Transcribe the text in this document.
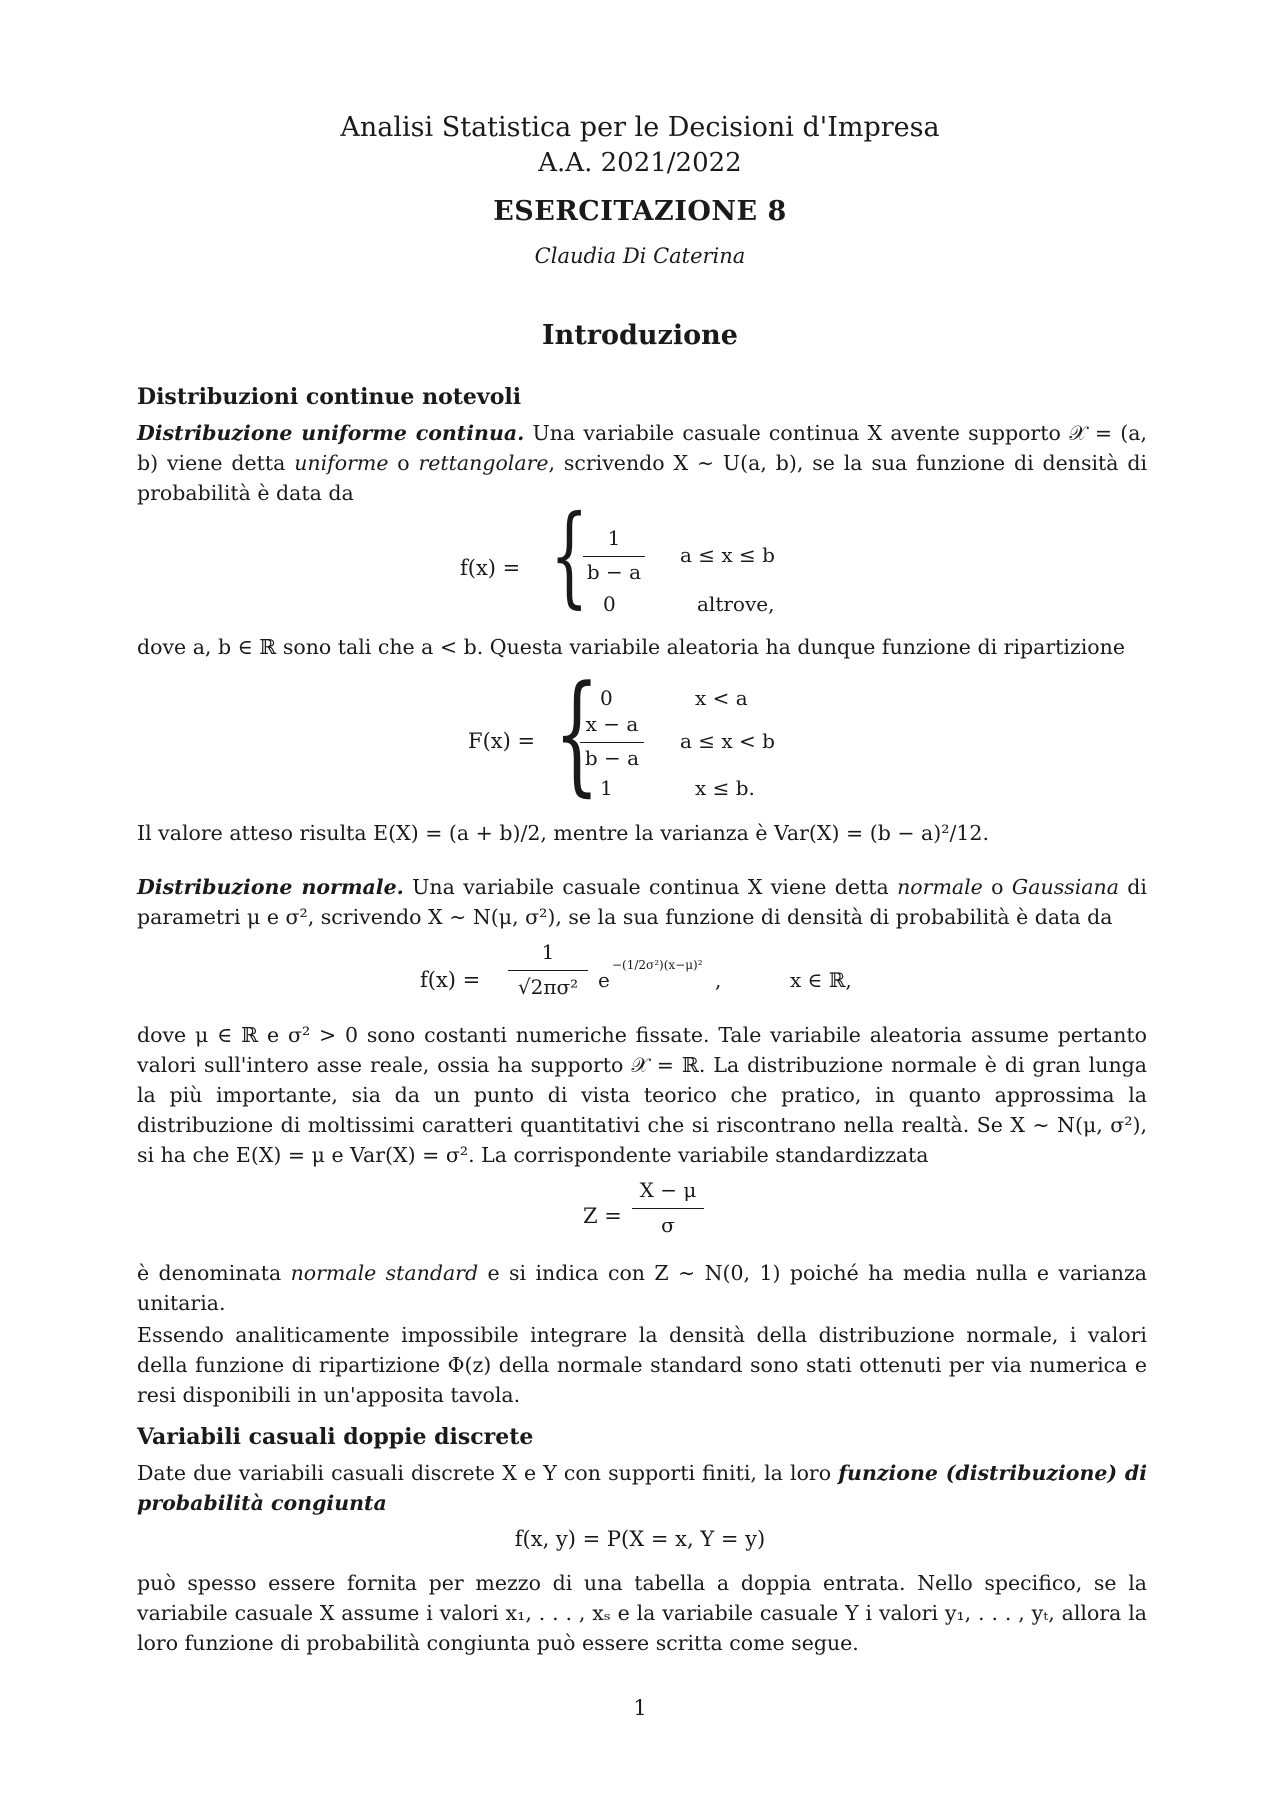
Analisi Statistica per le Decisioni d'Impresa
A.A. 2021/2022
ESERCITAZIONE 8
Claudia Di Caterina
Introduzione
Distribuzioni continue notevoli

Distribuzione uniforme continua. Una variabile casuale continua X avente supporto 𝒳 = (a, b) viene detta uniforme o rettangolare, scrivendo X ∼ U(a, b), se la sua funzione di densità di probabilità è data da

f(x) = { 1
b − a
a ≤ x ≤ b
0	altrove,
dove a, b ∈ ℝ sono tali che a < b. Questa variabile aleatoria ha dunque funzione di ripartizione
F(x) = { 0	x < a
x − a
b − a
a ≤ x < b
1	x ≤ b.
Il valore atteso risulta E(X) = (a + b)/2, mentre la varianza è Var(X) = (b − a)²/12.

Distribuzione normale. Una variabile casuale continua X viene detta normale o Gaussiana di parametri μ e σ², scrivendo X ∼ N(μ, σ²), se la sua funzione di densità di probabilità è data da

f(x) =
1
√2πσ² e
−(1/2σ²)(x−μ)²
,	x ∈ ℝ,
dove μ ∈ ℝ e σ² > 0 sono costanti numeriche fissate. Tale variabile aleatoria assume pertanto valori sull'intero asse reale, ossia ha supporto 𝒳 = ℝ. La distribuzione normale è di gran lunga la più importante, sia da un punto di vista teorico che pratico, in quanto approssima la distribuzione di moltissimi caratteri quantitativi che si riscontrano nella realtà. Se X ∼ N(μ, σ²), si ha che E(X) = μ e Var(X) = σ². La corrispondente variabile standardizzata
Z =
X − μ
σ

è denominata normale standard e si indica con Z ∼ N(0, 1) poiché ha media nulla e varianza unitaria.

Essendo analiticamente impossibile integrare la densità della distribuzione normale, i valori della funzione di ripartizione Φ(z) della normale standard sono stati ottenuti per via numerica e resi disponibili in un'apposita tavola.
Variabili casuali doppie discrete

Date due variabili casuali discrete X e Y con supporti finiti, la loro funzione (distribuzione) di probabilità congiunta

f(x, y) = P(X = x, Y = y)
può spesso essere fornita per mezzo di una tabella a doppia entrata. Nello specifico, se la variabile casuale X assume i valori x₁, . . . , xₛ e la variabile casuale Y i valori y₁, . . . , yₜ, allora la loro funzione di probabilità congiunta può essere scritta come segue.
1
